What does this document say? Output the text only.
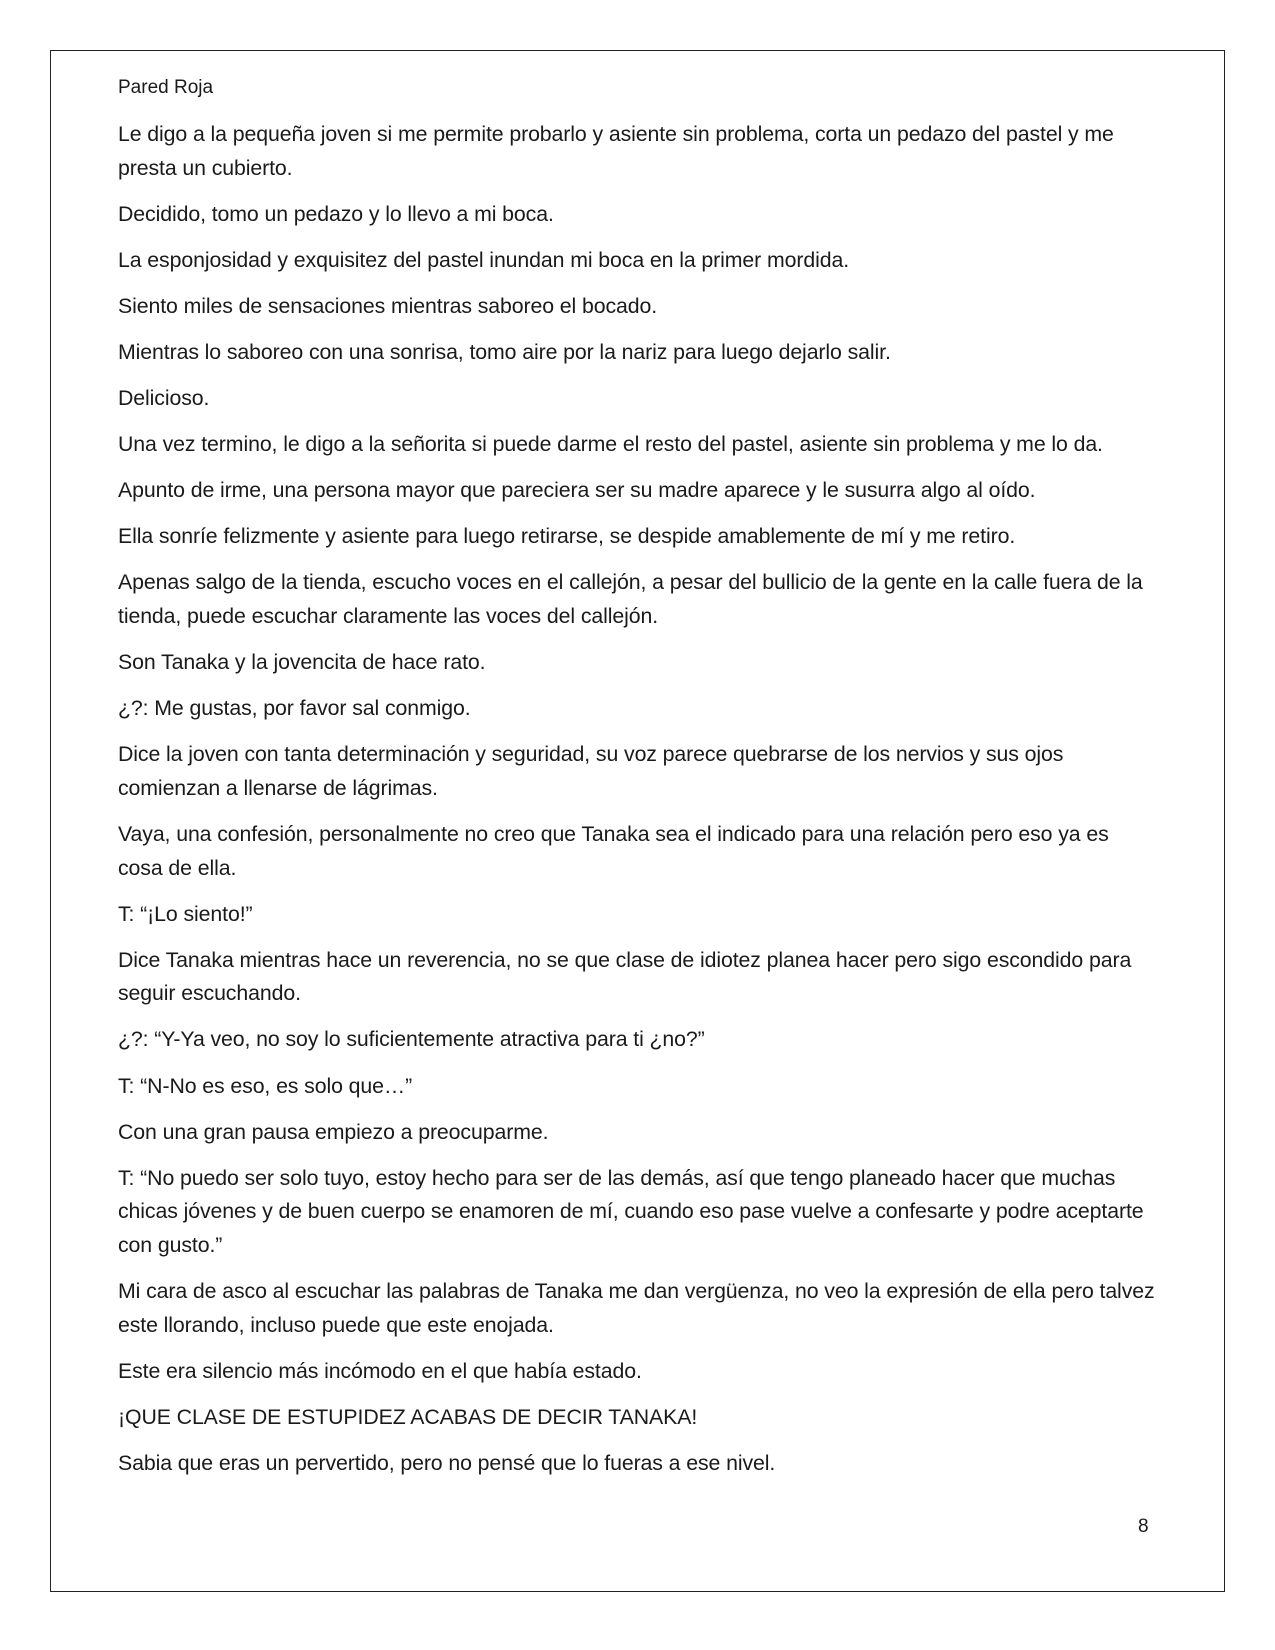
Pared Roja

Le digo a la pequeña joven si me permite probarlo y asiente sin problema, corta un pedazo del pastel y me presta un cubierto.

Decidido, tomo un pedazo y lo llevo a mi boca.

La esponjosidad y exquisitez del pastel inundan mi boca en la primer mordida.

Siento miles de sensaciones mientras saboreo el bocado.

Mientras lo saboreo con una sonrisa, tomo aire por la nariz para luego dejarlo salir.

Delicioso.

Una vez termino, le digo a la señorita si puede darme el resto del pastel, asiente sin problema y me lo da.

Apunto de irme, una persona mayor que pareciera ser su madre aparece y le susurra algo al oído.

Ella sonríe felizmente y asiente para luego retirarse, se despide amablemente de mí y me retiro.

Apenas salgo de la tienda, escucho voces en el callejón, a pesar del bullicio de la gente en la calle fuera de la tienda, puede escuchar claramente las voces del callejón.

Son Tanaka y la jovencita de hace rato.

¿?: Me gustas, por favor sal conmigo.

Dice la joven con tanta determinación y seguridad, su voz parece quebrarse de los nervios y sus ojos comienzan a llenarse de lágrimas.

Vaya, una confesión, personalmente no creo que Tanaka sea el indicado para una relación pero eso ya es cosa de ella.

T: “¡Lo siento!”

Dice Tanaka mientras hace un reverencia, no se que clase de idiotez planea hacer pero sigo escondido para seguir escuchando.

¿?: “Y-Ya veo, no soy lo suficientemente atractiva para ti ¿no?”

T: “N-No es eso, es solo que…”

Con una gran pausa empiezo a preocuparme.

T: “No puedo ser solo tuyo, estoy hecho para ser de las demás, así que tengo planeado hacer que muchas chicas jóvenes y de buen cuerpo se enamoren de mí, cuando eso pase vuelve a confesarte y podre aceptarte con gusto.”

Mi cara de asco al escuchar las palabras de Tanaka me dan vergüenza, no veo la expresión de ella pero talvez este llorando, incluso puede que este enojada.

Este era silencio más incómodo en el que había estado.

¡QUE CLASE DE ESTUPIDEZ ACABAS DE DECIR TANAKA!

Sabia que eras un pervertido, pero no pensé que lo fueras a ese nivel.

8
